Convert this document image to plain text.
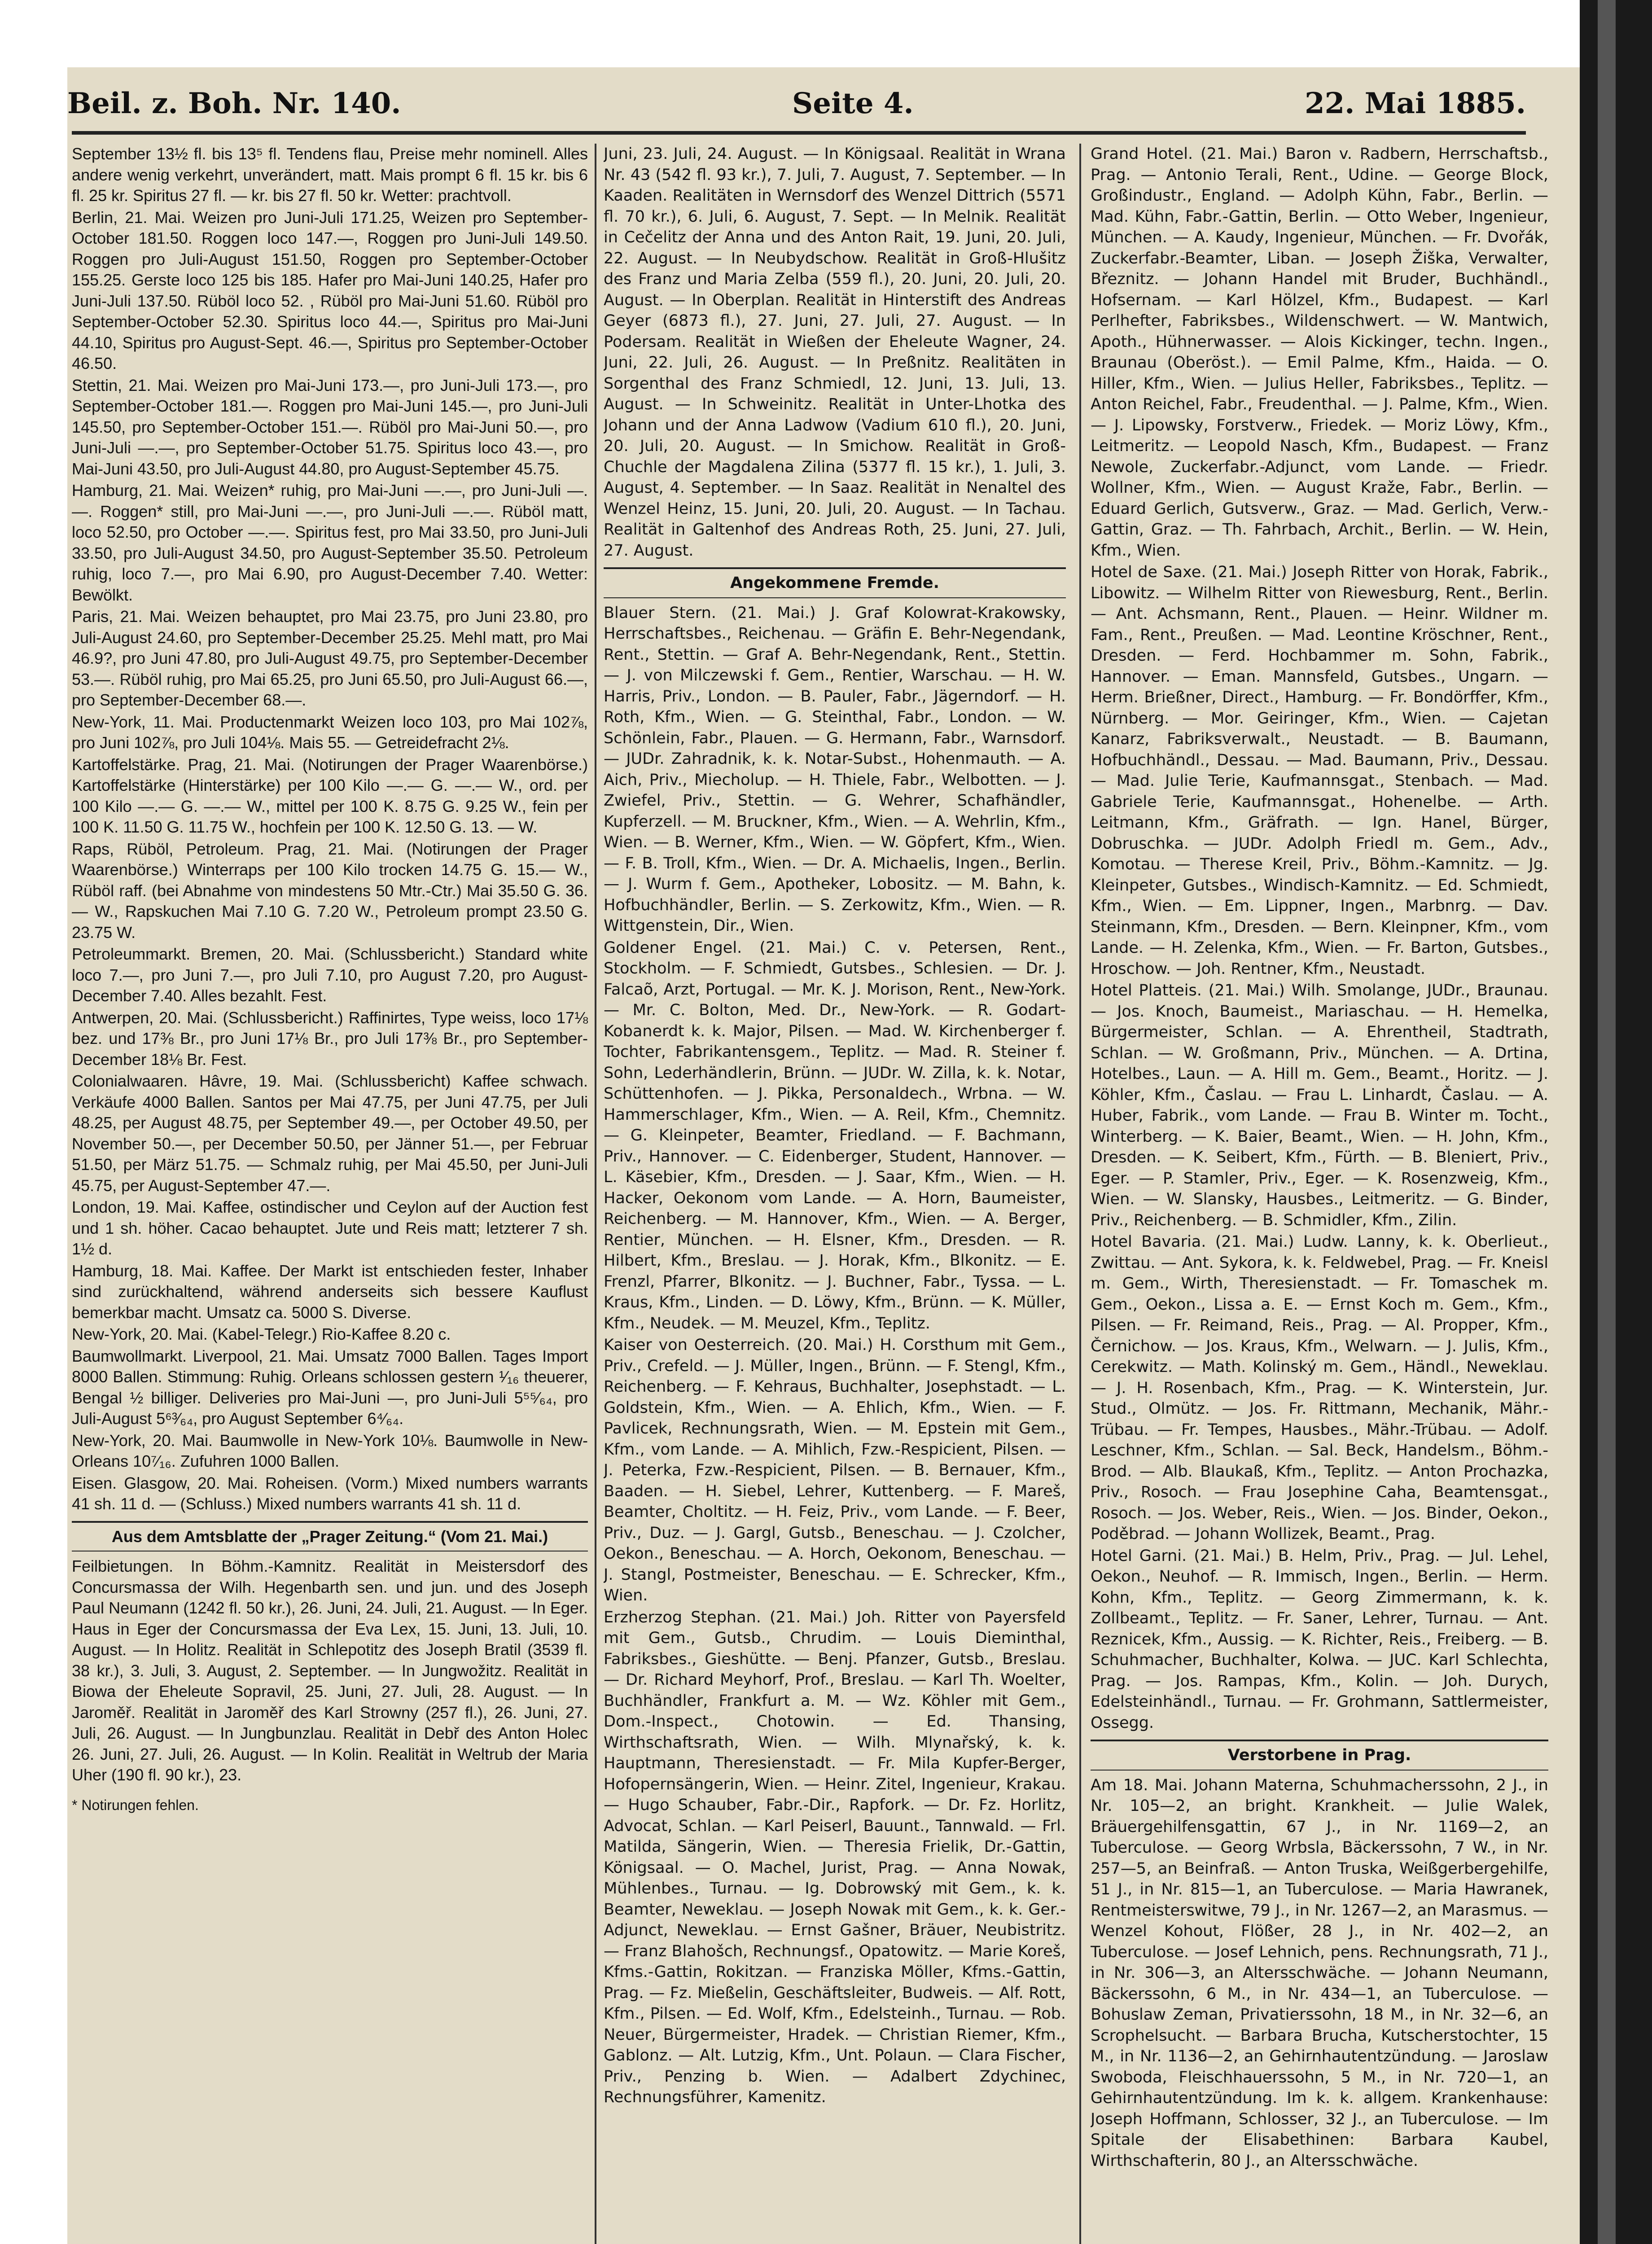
Beil. z. Boh. Nr. 140.	Seite 4.	22. Mai 1885.

September 13½ fl. bis 13⁵ fl. Tendens flau, Preise mehr nominell. Alles andere wenig verkehrt, unverändert, matt. Mais prompt 6 fl. 15 kr. bis 6 fl. 25 kr. Spiritus 27 fl. — kr. bis 27 fl. 50 kr. Wetter: prachtvoll.

Berlin, 21. Mai. Weizen pro Juni-Juli 171.25, Weizen pro September-October 181.50. Roggen loco 147.—, Roggen pro Juni-Juli 149.50. Roggen pro Juli-August 151.50, Roggen pro September-October 155.25. Gerste loco 125 bis 185. Hafer pro Mai-Juni 140.25, Hafer pro Juni-Juli 137.50. Rüböl loco 52. , Rüböl pro Mai-Juni 51.60. Rüböl pro September-October 52.30. Spiritus loco 44.—, Spiritus pro Mai-Juni 44.10, Spiritus pro August-Sept. 46.—, Spiritus pro September-October 46.50.

Stettin, 21. Mai. Weizen pro Mai-Juni 173.—, pro Juni-Juli 173.—, pro September-October 181.—. Roggen pro Mai-Juni 145.—, pro Juni-Juli 145.50, pro September-October 151.—. Rüböl pro Mai-Juni 50.—, pro Juni-Juli —.—, pro September-October 51.75. Spiritus loco 43.—, pro Mai-Juni 43.50, pro Juli-August 44.80, pro August-September 45.75.

Hamburg, 21. Mai. Weizen* ruhig, pro Mai-Juni —.—, pro Juni-Juli —.—. Roggen* still, pro Mai-Juni —.—, pro Juni-Juli —.—. Rüböl matt, loco 52.50, pro October —.—. Spiritus fest, pro Mai 33.50, pro Juni-Juli 33.50, pro Juli-August 34.50, pro August-September 35.50. Petroleum ruhig, loco 7.—, pro Mai 6.90, pro August-December 7.40. Wetter: Bewölkt.

Paris, 21. Mai. Weizen behauptet, pro Mai 23.75, pro Juni 23.80, pro Juli-August 24.60, pro September-December 25.25. Mehl matt, pro Mai 46.9?, pro Juni 47.80, pro Juli-August 49.75, pro September-December 53.—. Rüböl ruhig, pro Mai 65.25, pro Juni 65.50, pro Juli-August 66.—, pro September-December 68.—.

New-York, 11. Mai. Productenmarkt Weizen loco 103, pro Mai 102⅞, pro Juni 102⅞, pro Juli 104⅛. Mais 55. — Getreidefracht 2⅛.

Kartoffelstärke. Prag, 21. Mai. (Notirungen der Prager Waarenbörse.) Kartoffelstärke (Hinterstärke) per 100 Kilo —.— G. —.— W., ord. per 100 Kilo —.— G. —.— W., mittel per 100 K. 8.75 G. 9.25 W., fein per 100 K. 11.50 G. 11.75 W., hochfein per 100 K. 12.50 G. 13. — W.

Raps, Rüböl, Petroleum. Prag, 21. Mai. (Notirungen der Prager Waarenbörse.) Winterraps per 100 Kilo trocken 14.75 G. 15.— W., Rüböl raff. (bei Abnahme von mindestens 50 Mtr.-Ctr.) Mai 35.50 G. 36.— W., Rapskuchen Mai 7.10 G. 7.20 W., Petroleum prompt 23.50 G. 23.75 W.

Petroleummarkt. Bremen, 20. Mai. (Schlussbericht.) Standard white loco 7.—, pro Juni 7.—, pro Juli 7.10, pro August 7.20, pro August-December 7.40. Alles bezahlt. Fest.

Antwerpen, 20. Mai. (Schlussbericht.) Raffinirtes, Type weiss, loco 17⅛ bez. und 17⅜ Br., pro Juni 17⅛ Br., pro Juli 17⅜ Br., pro September-December 18⅛ Br. Fest.

Colonialwaaren. Hâvre, 19. Mai. (Schlussbericht) Kaffee schwach. Verkäufe 4000 Ballen. Santos per Mai 47.75, per Juni 47.75, per Juli 48.25, per August 48.75, per September 49.—, per October 49.50, per November 50.—, per December 50.50, per Jänner 51.—, per Februar 51.50, per März 51.75. — Schmalz ruhig, per Mai 45.50, per Juni-Juli 45.75, per August-September 47.—.

London, 19. Mai. Kaffee, ostindischer und Ceylon auf der Auction fest und 1 sh. höher. Cacao behauptet. Jute und Reis matt; letzterer 7 sh. 1½ d.

Hamburg, 18. Mai. Kaffee. Der Markt ist entschieden fester, Inhaber sind zurückhaltend, während anderseits sich bessere Kauflust bemerkbar macht. Umsatz ca. 5000 S. Diverse.

New-York, 20. Mai. (Kabel-Telegr.) Rio-Kaffee 8.20 c.

Baumwollmarkt. Liverpool, 21. Mai. Umsatz 7000 Ballen. Tages Import 8000 Ballen. Stimmung: Ruhig. Orleans schlossen gestern ¹⁄₁₆ theuerer, Bengal ½ billiger. Deliveries pro Mai-Juni —, pro Juni-Juli 5⁵⁵⁄₆₄, pro Juli-August 5⁶³⁄₆₄, pro August September 6⁴⁄₆₄.

New-York, 20. Mai. Baumwolle in New-York 10⅛. Baumwolle in New-Orleans 10⁷⁄₁₆. Zufuhren 1000 Ballen.

Eisen. Glasgow, 20. Mai. Roheisen. (Vorm.) Mixed numbers warrants 41 sh. 11 d. — (Schluss.) Mixed numbers warrants 41 sh. 11 d.

Aus dem Amtsblatte der „Prager Zeitung.“ (Vom 21. Mai.)

Feilbietungen. In Böhm.-Kamnitz. Realität in Meistersdorf des Concursmassa der Wilh. Hegenbarth sen. und jun. und des Joseph Paul Neumann (1242 fl. 50 kr.), 26. Juni, 24. Juli, 21. August. — In Eger. Haus in Eger der Concursmassa der Eva Lex, 15. Juni, 13. Juli, 10. August. — In Holitz. Realität in Schlepotitz des Joseph Bratil (3539 fl. 38 kr.), 3. Juli, 3. August, 2. September. — In Jungwožitz. Realität in Biowa der Eheleute Sopravil, 25. Juni, 27. Juli, 28. August. — In Jaroměř. Realität in Jaroměř des Karl Strowny (257 fl.), 26. Juni, 27. Juli, 26. August. — In Jungbunzlau. Realität in Debř des Anton Holec 26. Juni, 27. Juli, 26. August. — In Kolin. Realität in Weltrub der Maria Uher (190 fl. 90 kr.), 23.

* Notirungen fehlen.

Juni, 23. Juli, 24. August. — In Königsaal. Realität in Wrana Nr. 43 (542 fl. 93 kr.), 7. Juli, 7. August, 7. September. — In Kaaden. Realitäten in Wernsdorf des Wenzel Dittrich (5571 fl. 70 kr.), 6. Juli, 6. August, 7. Sept. — In Melnik. Realität in Cečelitz der Anna und des Anton Rait, 19. Juni, 20. Juli, 22. August. — In Neubydschow. Realität in Groß-Hlušitz des Franz und Maria Zelba (559 fl.), 20. Juni, 20. Juli, 20. August. — In Oberplan. Realität in Hinterstift des Andreas Geyer (6873 fl.), 27. Juni, 27. Juli, 27. August. — In Podersam. Realität in Wießen der Eheleute Wagner, 24. Juni, 22. Juli, 26. August. — In Preßnitz. Realitäten in Sorgenthal des Franz Schmiedl, 12. Juni, 13. Juli, 13. August. — In Schweinitz. Realität in Unter-Lhotka des Johann und der Anna Ladwow (Vadium 610 fl.), 20. Juni, 20. Juli, 20. August. — In Smichow. Realität in Groß-Chuchle der Magdalena Zilina (5377 fl. 15 kr.), 1. Juli, 3. August, 4. September. — In Saaz. Realität in Nenaltel des Wenzel Heinz, 15. Juni, 20. Juli, 20. August. — In Tachau. Realität in Galtenhof des Andreas Roth, 25. Juni, 27. Juli, 27. August.

Angekommene Fremde.

Blauer Stern. (21. Mai.) J. Graf Kolowrat-Krakowsky, Herrschaftsbes., Reichenau. — Gräfin E. Behr-Negendank, Rent., Stettin. — Graf A. Behr-Negendank, Rent., Stettin. — J. von Milczewski f. Gem., Rentier, Warschau. — H. W. Harris, Priv., London. — B. Pauler, Fabr., Jägerndorf. — H. Roth, Kfm., Wien. — G. Steinthal, Fabr., London. — W. Schönlein, Fabr., Plauen. — G. Hermann, Fabr., Warnsdorf. — JUDr. Zahradnik, k. k. Notar-Subst., Hohenmauth. — A. Aich, Priv., Miecholup. — H. Thiele, Fabr., Welbotten. — J. Zwiefel, Priv., Stettin. — G. Wehrer, Schafhändler, Kupferzell. — M. Bruckner, Kfm., Wien. — A. Wehrlin, Kfm., Wien. — B. Werner, Kfm., Wien. — W. Göpfert, Kfm., Wien. — F. B. Troll, Kfm., Wien. — Dr. A. Michaelis, Ingen., Berlin. — J. Wurm f. Gem., Apotheker, Lobositz. — M. Bahn, k. Hofbuchhändler, Berlin. — S. Zerkowitz, Kfm., Wien. — R. Wittgenstein, Dir., Wien.

Goldener Engel. (21. Mai.) C. v. Petersen, Rent., Stockholm. — F. Schmiedt, Gutsbes., Schlesien. — Dr. J. Falcaõ, Arzt, Portugal. — Mr. K. J. Morison, Rent., New-York. — Mr. C. Bolton, Med. Dr., New-York. — R. Godart-Kobanerdt k. k. Major, Pilsen. — Mad. W. Kirchenberger f. Tochter, Fabrikantensgem., Teplitz. — Mad. R. Steiner f. Sohn, Lederhändlerin, Brünn. — JUDr. W. Zilla, k. k. Notar, Schüttenhofen. — J. Pikka, Personaldech., Wrbna. — W. Hammerschlager, Kfm., Wien. — A. Reil, Kfm., Chemnitz. — G. Kleinpeter, Beamter, Friedland. — F. Bachmann, Priv., Hannover. — C. Eidenberger, Student, Hannover. — L. Käsebier, Kfm., Dresden. — J. Saar, Kfm., Wien. — H. Hacker, Oekonom vom Lande. — A. Horn, Baumeister, Reichenberg. — M. Hannover, Kfm., Wien. — A. Berger, Rentier, München. — H. Elsner, Kfm., Dresden. — R. Hilbert, Kfm., Breslau. — J. Horak, Kfm., Blkonitz. — E. Frenzl, Pfarrer, Blkonitz. — J. Buchner, Fabr., Tyssa. — L. Kraus, Kfm., Linden. — D. Löwy, Kfm., Brünn. — K. Müller, Kfm., Neudek. — M. Meuzel, Kfm., Teplitz.

Kaiser von Oesterreich. (20. Mai.) H. Corsthum mit Gem., Priv., Crefeld. — J. Müller, Ingen., Brünn. — F. Stengl, Kfm., Reichenberg. — F. Kehraus, Buchhalter, Josephstadt. — L. Goldstein, Kfm., Wien. — A. Ehlich, Kfm., Wien. — F. Pavlicek, Rechnungsrath, Wien. — M. Epstein mit Gem., Kfm., vom Lande. — A. Mihlich, Fzw.-Respicient, Pilsen. — J. Peterka, Fzw.-Respicient, Pilsen. — B. Bernauer, Kfm., Baaden. — H. Siebel, Lehrer, Kuttenberg. — F. Mareš, Beamter, Choltitz. — H. Feiz, Priv., vom Lande. — F. Beer, Priv., Duz. — J. Gargl, Gutsb., Beneschau. — J. Czolcher, Oekon., Beneschau. — A. Horch, Oekonom, Beneschau. — J. Stangl, Postmeister, Beneschau. — E. Schrecker, Kfm., Wien.

Erzherzog Stephan. (21. Mai.) Joh. Ritter von Payersfeld mit Gem., Gutsb., Chrudim. — Louis Dieminthal, Fabriksbes., Gieshütte. — Benj. Pfanzer, Gutsb., Breslau. — Dr. Richard Meyhorf, Prof., Breslau. — Karl Th. Woelter, Buchhändler, Frankfurt a. M. — Wz. Köhler mit Gem., Dom.-Inspect., Chotowin. — Ed. Thansing, Wirthschaftsrath, Wien. — Wilh. Mlynařský, k. k. Hauptmann, Theresienstadt. — Fr. Mila Kupfer-Berger, Hofopernsängerin, Wien. — Heinr. Zitel, Ingenieur, Krakau. — Hugo Schauber, Fabr.-Dir., Rapfork. — Dr. Fz. Horlitz, Advocat, Schlan. — Karl Peiserl, Bauunt., Tannwald. — Frl. Matilda, Sängerin, Wien. — Theresia Frielik, Dr.-Gattin, Königsaal. — O. Machel, Jurist, Prag. — Anna Nowak, Mühlenbes., Turnau. — Ig. Dobrowský mit Gem., k. k. Beamter, Neweklau. — Joseph Nowak mit Gem., k. k. Ger.-Adjunct, Neweklau. — Ernst Gašner, Bräuer, Neubistritz. — Franz Blahošch, Rechnungsf., Opatowitz. — Marie Koreš, Kfms.-Gattin, Rokitzan. — Franziska Möller, Kfms.-Gattin, Prag. — Fz. Mießelin, Geschäftsleiter, Budweis. — Alf. Rott, Kfm., Pilsen. — Ed. Wolf, Kfm., Edelsteinh., Turnau. — Rob. Neuer, Bürgermeister, Hradek. — Christian Riemer, Kfm., Gablonz. — Alt. Lutzig, Kfm., Unt. Polaun. — Clara Fischer, Priv., Penzing b. Wien. — Adalbert Zdychinec, Rechnungsführer, Kamenitz.

Grand Hotel. (21. Mai.) Baron v. Radbern, Herrschaftsb., Prag. — Antonio Terali, Rent., Udine. — George Block, Großindustr., England. — Adolph Kühn, Fabr., Berlin. — Mad. Kühn, Fabr.-Gattin, Berlin. — Otto Weber, Ingenieur, München. — A. Kaudy, Ingenieur, München. — Fr. Dvořák, Zuckerfabr.-Beamter, Liban. — Joseph Žiška, Verwalter, Březnitz. — Johann Handel mit Bruder, Buchhändl., Hofsernam. — Karl Hölzel, Kfm., Budapest. — Karl Perlhefter, Fabriksbes., Wildenschwert. — W. Mantwich, Apoth., Hühnerwasser. — Alois Kickinger, techn. Ingen., Braunau (Oberöst.). — Emil Palme, Kfm., Haida. — O. Hiller, Kfm., Wien. — Julius Heller, Fabriksbes., Teplitz. — Anton Reichel, Fabr., Freudenthal. — J. Palme, Kfm., Wien. — J. Lipowsky, Forstverw., Friedek. — Moriz Löwy, Kfm., Leitmeritz. — Leopold Nasch, Kfm., Budapest. — Franz Newole, Zuckerfabr.-Adjunct, vom Lande. — Friedr. Wollner, Kfm., Wien. — August Kraže, Fabr., Berlin. — Eduard Gerlich, Gutsverw., Graz. — Mad. Gerlich, Verw.-Gattin, Graz. — Th. Fahrbach, Archit., Berlin. — W. Hein, Kfm., Wien.

Hotel de Saxe. (21. Mai.) Joseph Ritter von Horak, Fabrik., Libowitz. — Wilhelm Ritter von Riewesburg, Rent., Berlin. — Ant. Achsmann, Rent., Plauen. — Heinr. Wildner m. Fam., Rent., Preußen. — Mad. Leontine Kröschner, Rent., Dresden. — Ferd. Hochbammer m. Sohn, Fabrik., Hannover. — Eman. Mannsfeld, Gutsbes., Ungarn. — Herm. Brießner, Direct., Hamburg. — Fr. Bondörffer, Kfm., Nürnberg. — Mor. Geiringer, Kfm., Wien. — Cajetan Kanarz, Fabriksverwalt., Neustadt. — B. Baumann, Hofbuchhändl., Dessau. — Mad. Baumann, Priv., Dessau. — Mad. Julie Terie, Kaufmannsgat., Stenbach. — Mad. Gabriele Terie, Kaufmannsgat., Hohenelbe. — Arth. Leitmann, Kfm., Gräfrath. — Ign. Hanel, Bürger, Dobruschka. — JUDr. Adolph Friedl m. Gem., Adv., Komotau. — Therese Kreil, Priv., Böhm.-Kamnitz. — Jg. Kleinpeter, Gutsbes., Windisch-Kamnitz. — Ed. Schmiedt, Kfm., Wien. — Em. Lippner, Ingen., Marbnrg. — Dav. Steinmann, Kfm., Dresden. — Bern. Kleinpner, Kfm., vom Lande. — H. Zelenka, Kfm., Wien. — Fr. Barton, Gutsbes., Hroschow. — Joh. Rentner, Kfm., Neustadt.

Hotel Platteis. (21. Mai.) Wilh. Smolange, JUDr., Braunau. — Jos. Knoch, Baumeist., Mariaschau. — H. Hemelka, Bürgermeister, Schlan. — A. Ehrentheil, Stadtrath, Schlan. — W. Großmann, Priv., München. — A. Drtina, Hotelbes., Laun. — A. Hill m. Gem., Beamt., Horitz. — J. Köhler, Kfm., Časlau. — Frau L. Linhardt, Časlau. — A. Huber, Fabrik., vom Lande. — Frau B. Winter m. Tocht., Winterberg. — K. Baier, Beamt., Wien. — H. John, Kfm., Dresden. — K. Seibert, Kfm., Fürth. — B. Bleniert, Priv., Eger. — P. Stamler, Priv., Eger. — K. Rosenzweig, Kfm., Wien. — W. Slansky, Hausbes., Leitmeritz. — G. Binder, Priv., Reichenberg. — B. Schmidler, Kfm., Zilin.

Hotel Bavaria. (21. Mai.) Ludw. Lanny, k. k. Oberlieut., Zwittau. — Ant. Sykora, k. k. Feldwebel, Prag. — Fr. Kneisl m. Gem., Wirth, Theresienstadt. — Fr. Tomaschek m. Gem., Oekon., Lissa a. E. — Ernst Koch m. Gem., Kfm., Pilsen. — Fr. Reimand, Reis., Prag. — Al. Propper, Kfm., Černichow. — Jos. Kraus, Kfm., Welwarn. — J. Julis, Kfm., Cerekwitz. — Math. Kolinský m. Gem., Händl., Neweklau. — J. H. Rosenbach, Kfm., Prag. — K. Winterstein, Jur. Stud., Olmütz. — Jos. Fr. Rittmann, Mechanik, Mähr.-Trübau. — Fr. Tempes, Hausbes., Mähr.-Trübau. — Adolf. Leschner, Kfm., Schlan. — Sal. Beck, Handelsm., Böhm.-Brod. — Alb. Blaukaß, Kfm., Teplitz. — Anton Prochazka, Priv., Rosoch. — Frau Josephine Caha, Beamtensgat., Rosoch. — Jos. Weber, Reis., Wien. — Jos. Binder, Oekon., Poděbrad. — Johann Wollizek, Beamt., Prag.

Hotel Garni. (21. Mai.) B. Helm, Priv., Prag. — Jul. Lehel, Oekon., Neuhof. — R. Immisch, Ingen., Berlin. — Herm. Kohn, Kfm., Teplitz. — Georg Zimmermann, k. k. Zollbeamt., Teplitz. — Fr. Saner, Lehrer, Turnau. — Ant. Reznicek, Kfm., Aussig. — K. Richter, Reis., Freiberg. — B. Schuhmacher, Buchhalter, Kolwa. — JUC. Karl Schlechta, Prag. — Jos. Rampas, Kfm., Kolin. — Joh. Durych, Edelsteinhändl., Turnau. — Fr. Grohmann, Sattlermeister, Ossegg.

Verstorbene in Prag.

Am 18. Mai. Johann Materna, Schuhmacherssohn, 2 J., in Nr. 105—2, an bright. Krankheit. — Julie Walek, Bräuergehilfensgattin, 67 J., in Nr. 1169—2, an Tuberculose. — Georg Wrbsla, Bäckerssohn, 7 W., in Nr. 257—5, an Beinfraß. — Anton Truska, Weißgerbergehilfe, 51 J., in Nr. 815—1, an Tuberculose. — Maria Hawranek, Rentmeisterswitwe, 79 J., in Nr. 1267—2, an Marasmus. — Wenzel Kohout, Flößer, 28 J., in Nr. 402—2, an Tuberculose. — Josef Lehnich, pens. Rechnungsrath, 71 J., in Nr. 306—3, an Altersschwäche. — Johann Neumann, Bäckerssohn, 6 M., in Nr. 434—1, an Tuberculose. — Bohuslaw Zeman, Privatierssohn, 18 M., in Nr. 32—6, an Scrophelsucht. — Barbara Brucha, Kutscherstochter, 15 M., in Nr. 1136—2, an Gehirnhautentzündung. — Jaroslaw Swoboda, Fleischhauerssohn, 5 M., in Nr. 720—1, an Gehirnhautentzündung. Im k. k. allgem. Krankenhause: Joseph Hoffmann, Schlosser, 32 J., an Tuberculose. — Im Spitale der Elisabethinen: Barbara Kaubel, Wirthschafterin, 80 J., an Altersschwäche.
